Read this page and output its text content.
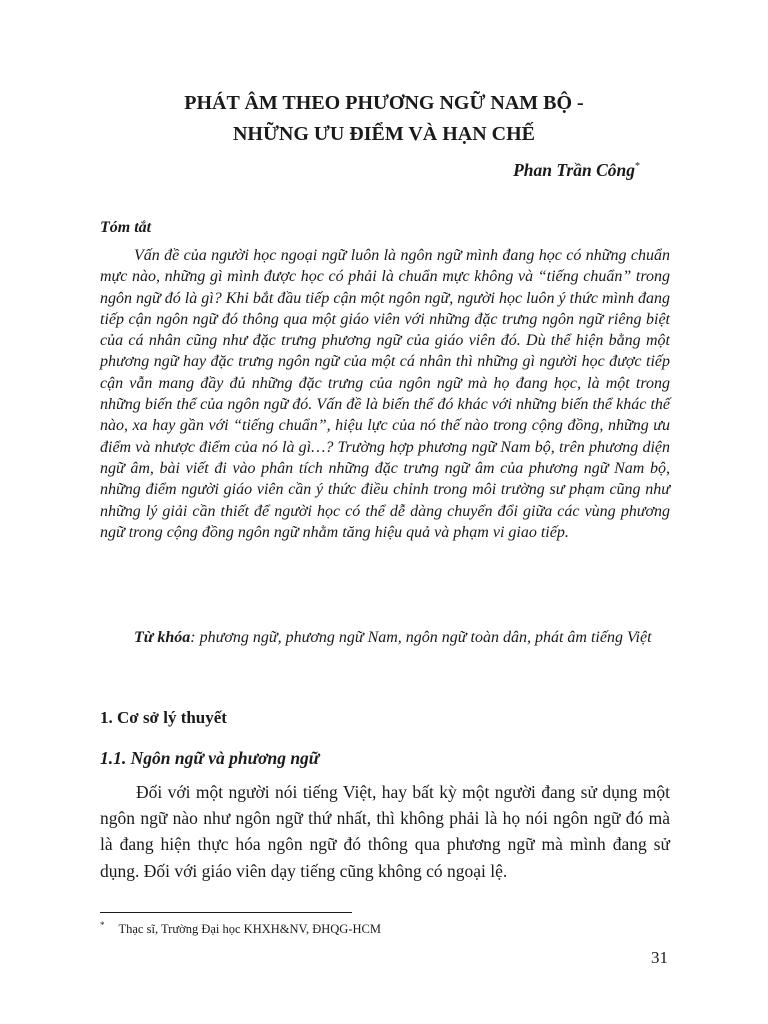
PHÁT ÂM THEO PHƯƠNG NGỮ NAM BỘ -
NHỮNG ƯU ĐIỂM VÀ HẠN CHẾ
Phan Trần Công*
Tóm tắt

Vấn đề của người học ngoại ngữ luôn là ngôn ngữ mình đang học có những chuẩn mực nào, những gì mình được học có phải là chuẩn mực không và “tiếng chuẩn” trong ngôn ngữ đó là gì? Khi bắt đầu tiếp cận một ngôn ngữ, người học luôn ý thức mình đang tiếp cận ngôn ngữ đó thông qua một giáo viên với những đặc trưng ngôn ngữ riêng biệt của cá nhân cũng như đặc trưng phương ngữ của giáo viên đó. Dù thể hiện bằng một phương ngữ hay đặc trưng ngôn ngữ của một cá nhân thì những gì người học được tiếp cận vẫn mang đầy đủ những đặc trưng của ngôn ngữ mà họ đang học, là một trong những biến thể của ngôn ngữ đó. Vấn đề là biến thể đó khác với những biến thể khác thế nào, xa hay gần với “tiếng chuẩn”, hiệu lực của nó thế nào trong cộng đồng, những ưu điểm và nhược điểm của nó là gì…? Trường hợp phương ngữ Nam bộ, trên phương diện ngữ âm, bài viết đi vào phân tích những đặc trưng ngữ âm của phương ngữ Nam bộ, những điểm người giáo viên cần ý thức điều chỉnh trong môi trường sư phạm cũng như những lý giải cần thiết để người học có thể dễ dàng chuyển đổi giữa các vùng phương ngữ trong cộng đồng ngôn ngữ nhằm tăng hiệu quả và phạm vi giao tiếp.

Từ khóa: phương ngữ, phương ngữ Nam, ngôn ngữ toàn dân, phát âm tiếng Việt

1. Cơ sở lý thuyết
1.1. Ngôn ngữ và phương ngữ

Đối với một người nói tiếng Việt, hay bất kỳ một người đang sử dụng một ngôn ngữ nào như ngôn ngữ thứ nhất, thì không phải là họ nói ngôn ngữ đó mà là đang hiện thực hóa ngôn ngữ đó thông qua phương ngữ mà mình đang sử dụng. Đối với giáo viên dạy tiếng cũng không có ngoại lệ.

* Thạc sĩ, Trường Đại học KHXH&NV, ĐHQG-HCM
31
